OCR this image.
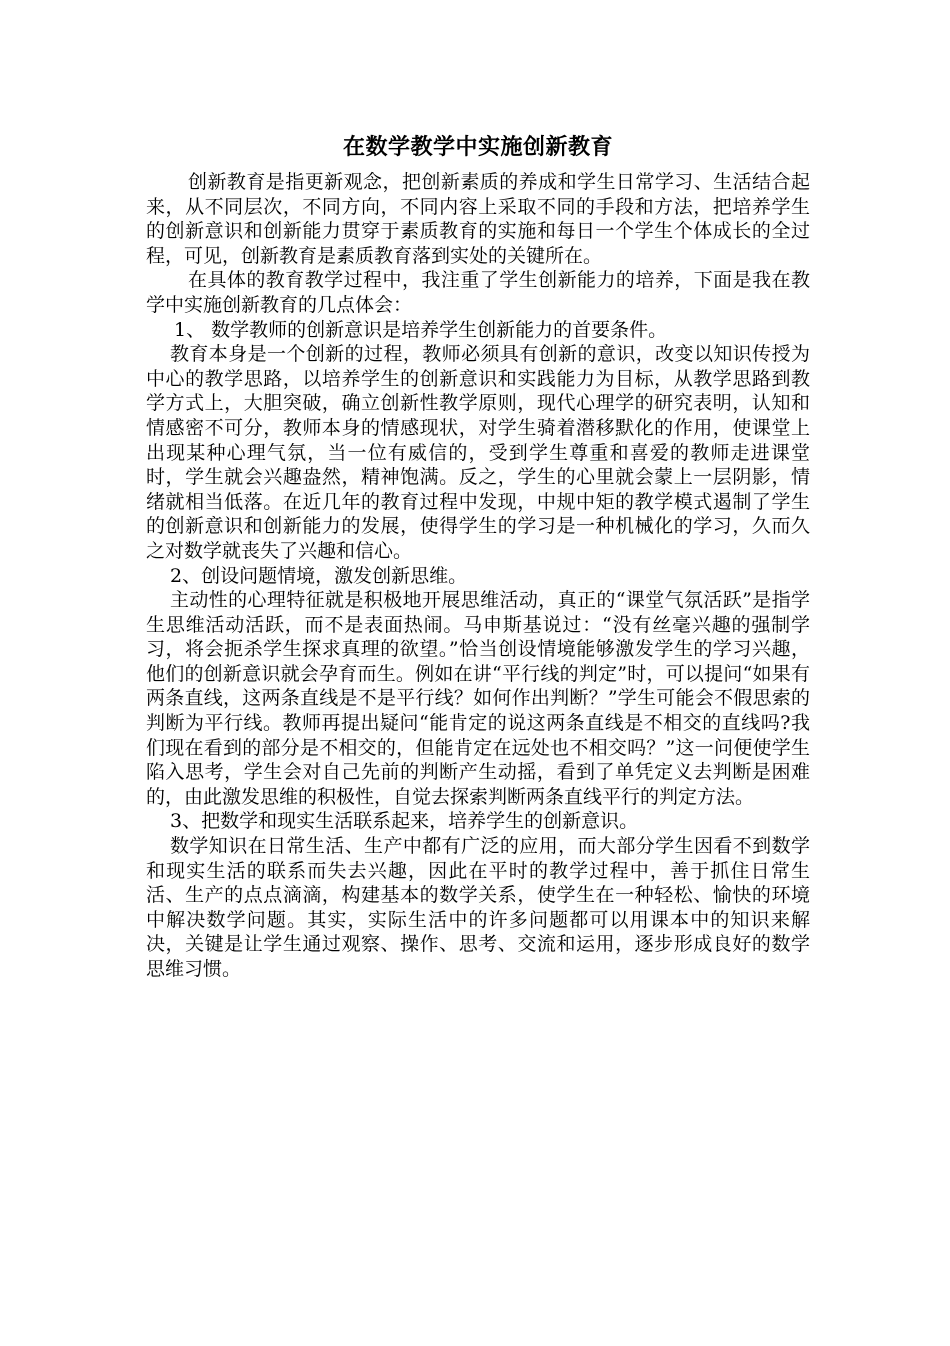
在数学教学中实施创新教育

创新教育是指更新观念，把创新素质的养成和学生日常学习、生活结合起来，从不同层次，不同方向，不同内容上采取不同的手段和方法，把培养学生的创新意识和创新能力贯穿于素质教育的实施和每日一个学生个体成长的全过程，可见，创新教育是素质教育落到实处的关键所在。

在具体的教育教学过程中，我注重了学生创新能力的培养，下面是我在教学中实施创新教育的几点体会：

1、 数学教师的创新意识是培养学生创新能力的首要条件。

教育本身是一个创新的过程，教师必须具有创新的意识，改变以知识传授为中心的教学思路，以培养学生的创新意识和实践能力为目标，从教学思路到教学方式上，大胆突破，确立创新性教学原则，现代心理学的研究表明，认知和情感密不可分，教师本身的情感现状，对学生骑着潜移默化的作用，使课堂上出现某种心理气氛，当一位有威信的，受到学生尊重和喜爱的教师走进课堂时，学生就会兴趣盎然，精神饱满。反之，学生的心里就会蒙上一层阴影，情绪就相当低落。在近几年的教育过程中发现，中规中矩的教学模式遏制了学生的创新意识和创新能力的发展，使得学生的学习是一种机械化的学习，久而久之对数学就丧失了兴趣和信心。

2、创设问题情境，激发创新思维。

主动性的心理特征就是积极地开展思维活动，真正的“课堂气氛活跃”是指学生思维活动活跃，而不是表面热闹。马申斯基说过：“没有丝毫兴趣的强制学习，将会扼杀学生探求真理的欲望。”恰当创设情境能够激发学生的学习兴趣，他们的创新意识就会孕育而生。例如在讲“平行线的判定”时，可以提问“如果有两条直线，这两条直线是不是平行线？如何作出判断？”学生可能会不假思索的判断为平行线。教师再提出疑问“能肯定的说这两条直线是不相交的直线吗?我们现在看到的部分是不相交的，但能肯定在远处也不相交吗？”这一问便使学生陷入思考，学生会对自己先前的判断产生动摇，看到了单凭定义去判断是困难的，由此激发思维的积极性，自觉去探索判断两条直线平行的判定方法。

3、把数学和现实生活联系起来，培养学生的创新意识。

数学知识在日常生活、生产中都有广泛的应用，而大部分学生因看不到数学和现实生活的联系而失去兴趣，因此在平时的教学过程中，善于抓住日常生活、生产的点点滴滴，构建基本的数学关系，使学生在一种轻松、愉快的环境中解决数学问题。其实，实际生活中的许多问题都可以用课本中的知识来解决，关键是让学生通过观察、操作、思考、交流和运用，逐步形成良好的数学思维习惯。
